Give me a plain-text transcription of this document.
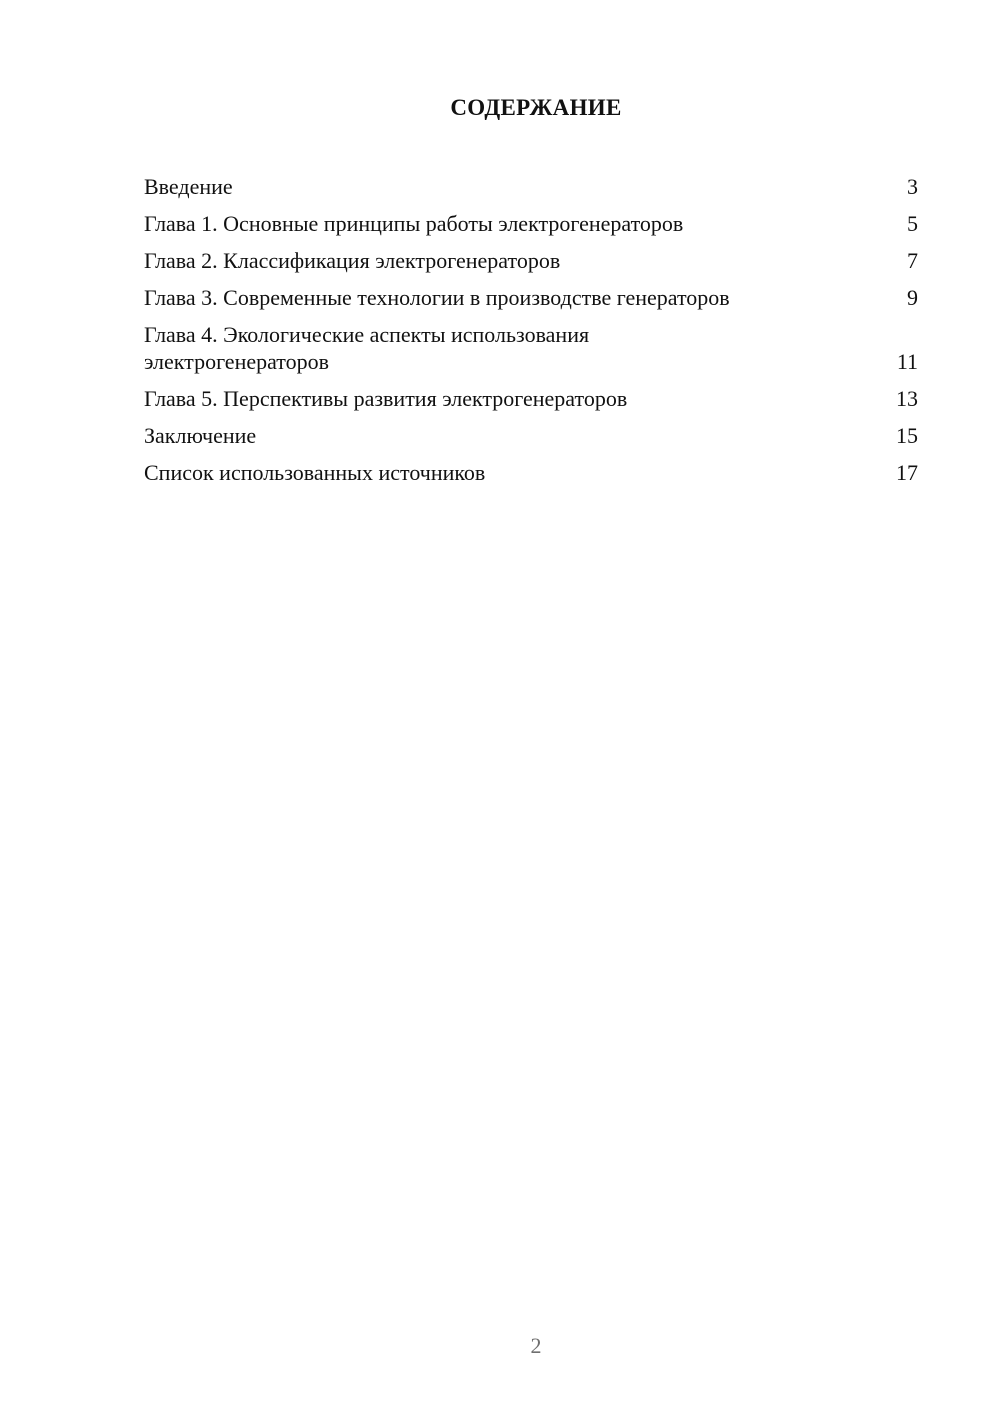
СОДЕРЖАНИЕ
Введение	3
Глава 1. Основные принципы работы электрогенераторов	5
Глава 2. Классификация электрогенераторов	7
Глава 3. Современные технологии в производстве генераторов	9
Глава 4. Экологические аспекты использования электрогенераторов	11
Глава 5. Перспективы развития электрогенераторов	13
Заключение	15
Список использованных источников	17
2
